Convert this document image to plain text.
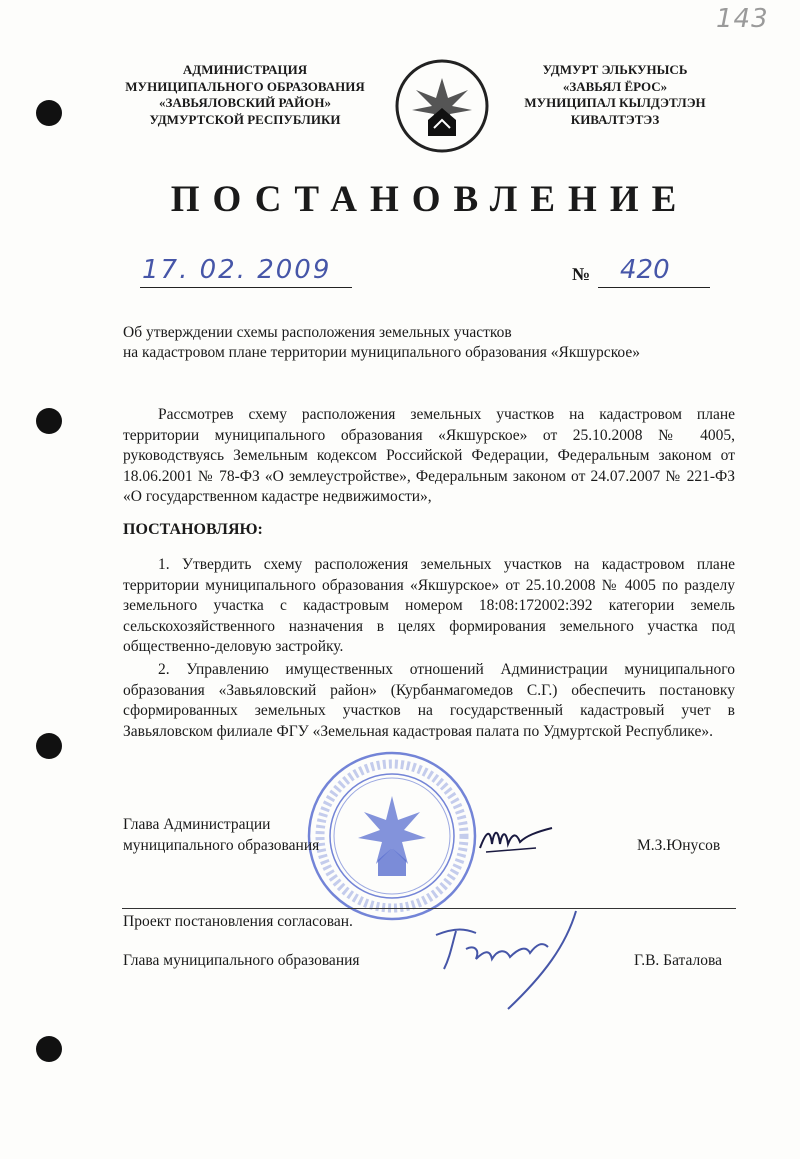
143
АДМИНИСТРАЦИЯ
МУНИЦИПАЛЬНОГО ОБРАЗОВАНИЯ
«ЗАВЬЯЛОВСКИЙ РАЙОН»
УДМУРТСКОЙ РЕСПУБЛИКИ
УДМУРТ ЭЛЬКУНЫСЬ
«ЗАВЬЯЛ ЁРОС»
МУНИЦИПАЛ КЫЛДЭТЛЭН
КИВАЛТЭТЭЗ
ПОСТАНОВЛЕНИЕ
17. 02. 2009	№ 420
Об утверждении схемы расположения земельных участков
на кадастровом плане территории муниципального образования «Якшурское»
Рассмотрев схему расположения земельных участков на кадастровом плане территории муниципального образования «Якшурское» от 25.10.2008 № 4005, руководствуясь Земельным кодексом Российской Федерации, Федеральным законом от 18.06.2001 № 78-ФЗ «О землеустройстве», Федеральным законом от 24.07.2007 № 221-ФЗ «О государственном кадастре недвижимости»,
ПОСТАНОВЛЯЮ:
1. Утвердить схему расположения земельных участков на кадастровом плане территории муниципального образования «Якшурское» от 25.10.2008 № 4005 по разделу земельного участка с кадастровым номером 18:08:172002:392 категории земель сельскохозяйственного назначения в целях формирования земельного участка под общественно-деловую застройку.
2. Управлению имущественных отношений Администрации муниципального образования «Завьяловский район» (Курбанмагомедов С.Г.) обеспечить постановку сформированных земельных участков на государственный кадастровый учет в Завьяловском филиале ФГУ «Земельная кадастровая палата по Удмуртской Республике».
Глава Администрации
муниципального образования	М.З.Юнусов
Проект постановления согласован.
Глава муниципального образования	Г.В. Баталова
